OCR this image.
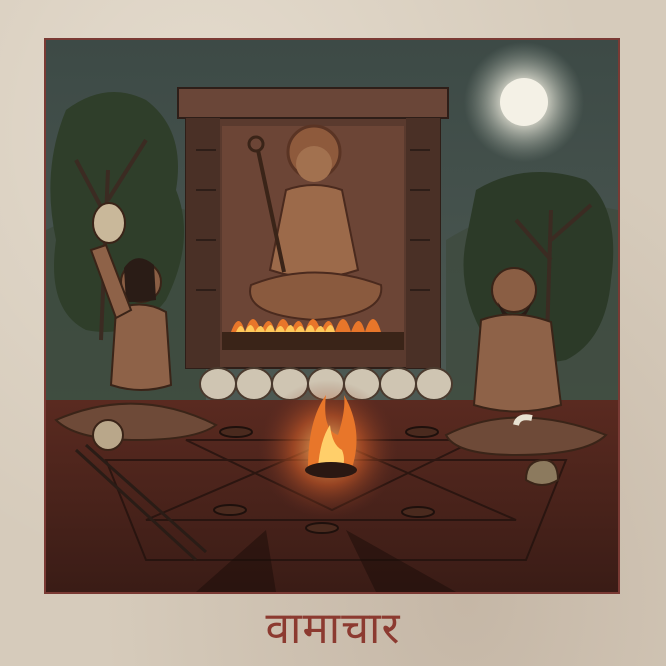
वामाचार
